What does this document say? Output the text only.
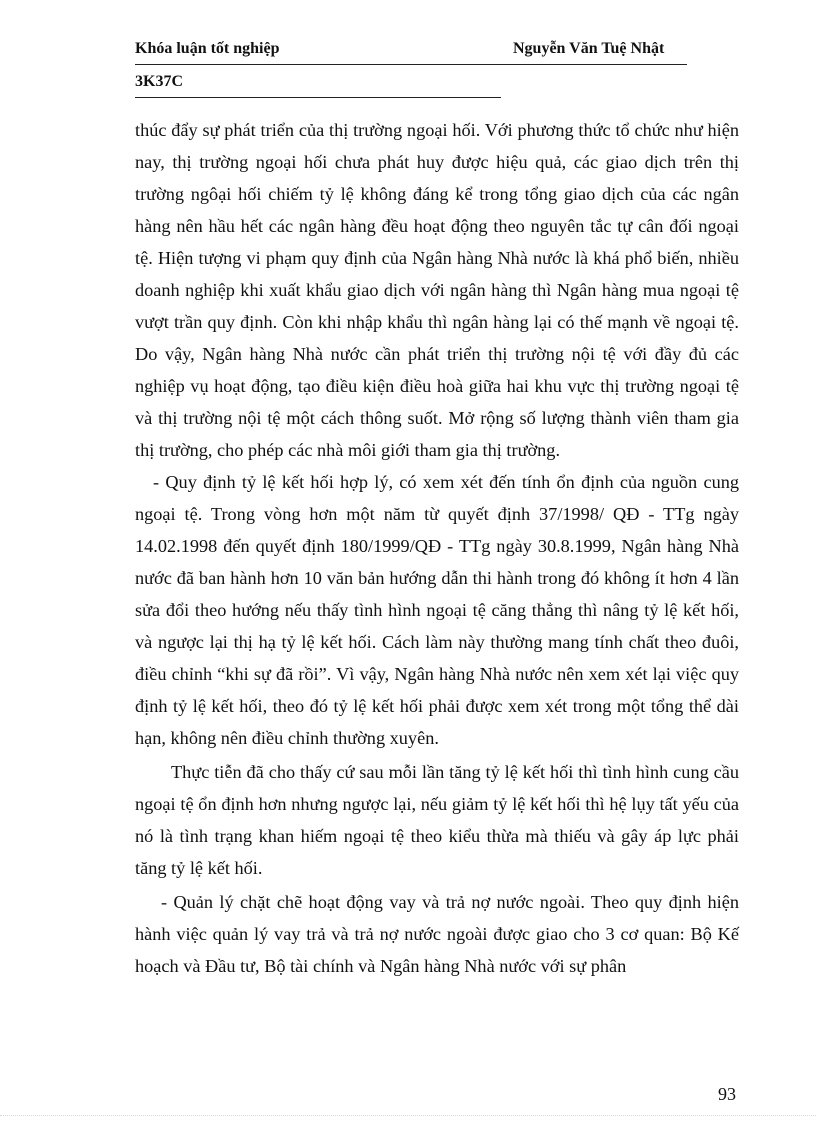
Khóa luận tốt nghiệp	Nguyễn Văn Tuệ Nhật
3K37C

thúc đẩy sự phát triển của thị trường ngoại hối. Với phương thức tổ chức như hiện nay, thị trường ngoại hối chưa phát huy được hiệu quả, các giao dịch trên thị trường ngôại hối chiếm tỷ lệ không đáng kể trong tổng giao dịch của các ngân hàng nên hầu hết các ngân hàng đều hoạt động theo nguyên tắc tự cân đối ngoại tệ. Hiện tượng vi phạm quy định của Ngân hàng Nhà nước là khá phổ biến, nhiều doanh nghiệp khi xuất khẩu giao dịch với ngân hàng thì Ngân hàng mua ngoại tệ vượt trần quy định. Còn khi nhập khẩu thì ngân hàng lại có thế mạnh về ngoại tệ. Do vậy, Ngân hàng Nhà nước cần phát triển thị trường nội tệ với đầy đủ các nghiệp vụ hoạt động, tạo điều kiện điều hoà giữa hai khu vực thị trường ngoại tệ và thị trường nội tệ một cách thông suốt. Mở rộng số lượng thành viên tham gia thị trường, cho phép các nhà môi giới tham gia thị trường.

- Quy định tỷ lệ kết hối hợp lý, có xem xét đến tính ổn định của nguồn cung ngoại tệ. Trong vòng hơn một năm từ quyết định 37/1998/ QĐ - TTg ngày 14.02.1998 đến quyết định 180/1999/QĐ - TTg ngày 30.8.1999, Ngân hàng Nhà nước đã ban hành hơn 10 văn bản hướng dẫn thi hành trong đó không ít hơn 4 lần sửa đổi theo hướng nếu thấy tình hình ngoại tệ căng thẳng thì nâng tỷ lệ kết hối, và ngược lại thị hạ tỷ lệ kết hối. Cách làm này thường mang tính chất theo đuôi, điều chỉnh “khi sự đã rồi”. Vì vậy, Ngân hàng Nhà nước nên xem xét lại việc quy định tỷ lệ kết hối, theo đó tỷ lệ kết hối phải được xem xét trong một tổng thể dài hạn, không nên điều chỉnh thường xuyên.

Thực tiễn đã cho thấy cứ sau mỗi lần tăng tỷ lệ kết hối thì tình hình cung cầu ngoại tệ ổn định hơn nhưng ngược lại, nếu giảm tỷ lệ kết hối thì hệ lụy tất yếu của nó là tình trạng khan hiếm ngoại tệ theo kiểu thừa mà thiếu và gây áp lực phải tăng tỷ lệ kết hối.

- Quản lý chặt chẽ hoạt động vay và trả nợ nước ngoài. Theo quy định hiện hành việc quản lý vay trả và trả nợ nước ngoài được giao cho 3 cơ quan: Bộ Kế hoạch và Đầu tư, Bộ tài chính và Ngân hàng Nhà nước với sự phân

93
